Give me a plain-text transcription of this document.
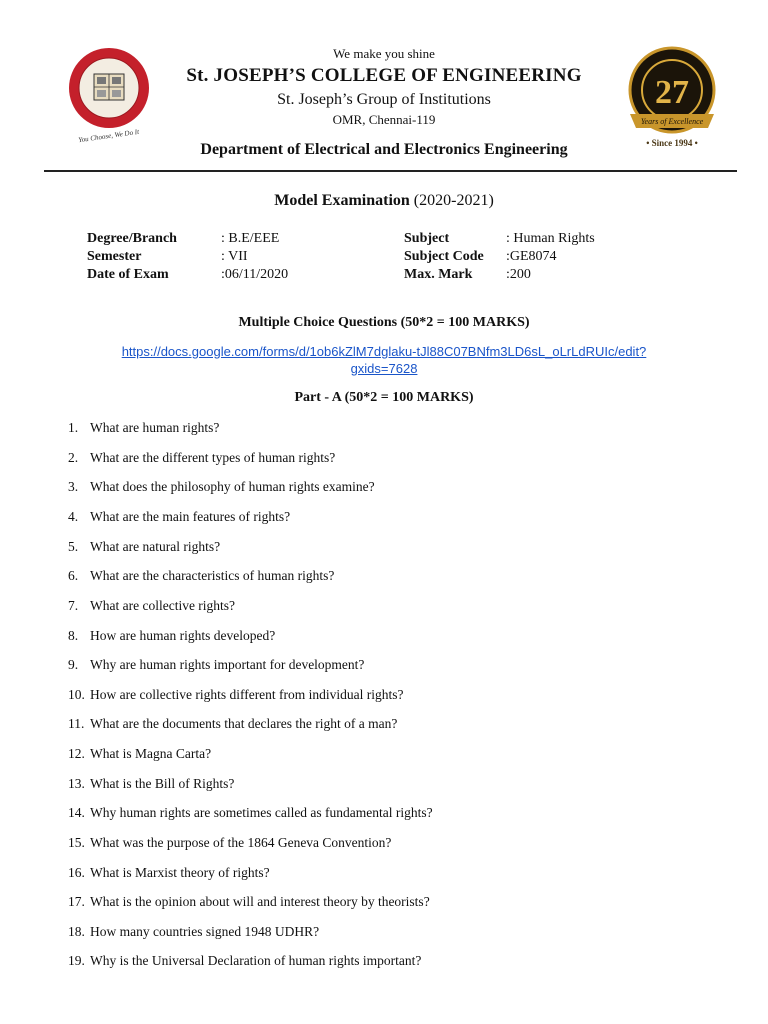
You Choose, We Do It
27
Years of Excellence
• Since 1994 •
We make you shine
St. JOSEPH’S COLLEGE OF ENGINEERING
St. Joseph’s Group of Institutions
OMR, Chennai-119
Department of Electrical and Electronics Engineering
Model Examination (2020-2021)
Degree/Branch	: B.E/EEE
Semester	: VII
Date of Exam	:06/11/2020
Subject	: Human Rights
Subject Code :GE8074
Max. Mark :200
Multiple Choice Questions (50*2 = 100 MARKS)
https://docs.google.com/forms/d/1ob6kZlM7dglaku-tJl88C07BNfm3LD6sL_oLrLdRUIc/edit?
gxids=7628
Part - A (50*2 = 100 MARKS)
1. What are human rights?
2. What are the different types of human rights?
3. What does the philosophy of human rights examine?
4. What are the main features of rights?
5. What are natural rights?
6. What are the characteristics of human rights?
7. What are collective rights?
8. How are human rights developed?
9. Why are human rights important for development?
10. How are collective rights different from individual rights?
11. What are the documents that declares the right of a man?
12. What is Magna Carta?
13. What is the Bill of Rights?
14. Why human rights are sometimes called as fundamental rights?
15. What was the purpose of the 1864 Geneva Convention?
16. What is Marxist theory of rights?
17. What is the opinion about will and interest theory by theorists?
18. How many countries signed 1948 UDHR?
19. Why is the Universal Declaration of human rights important?
